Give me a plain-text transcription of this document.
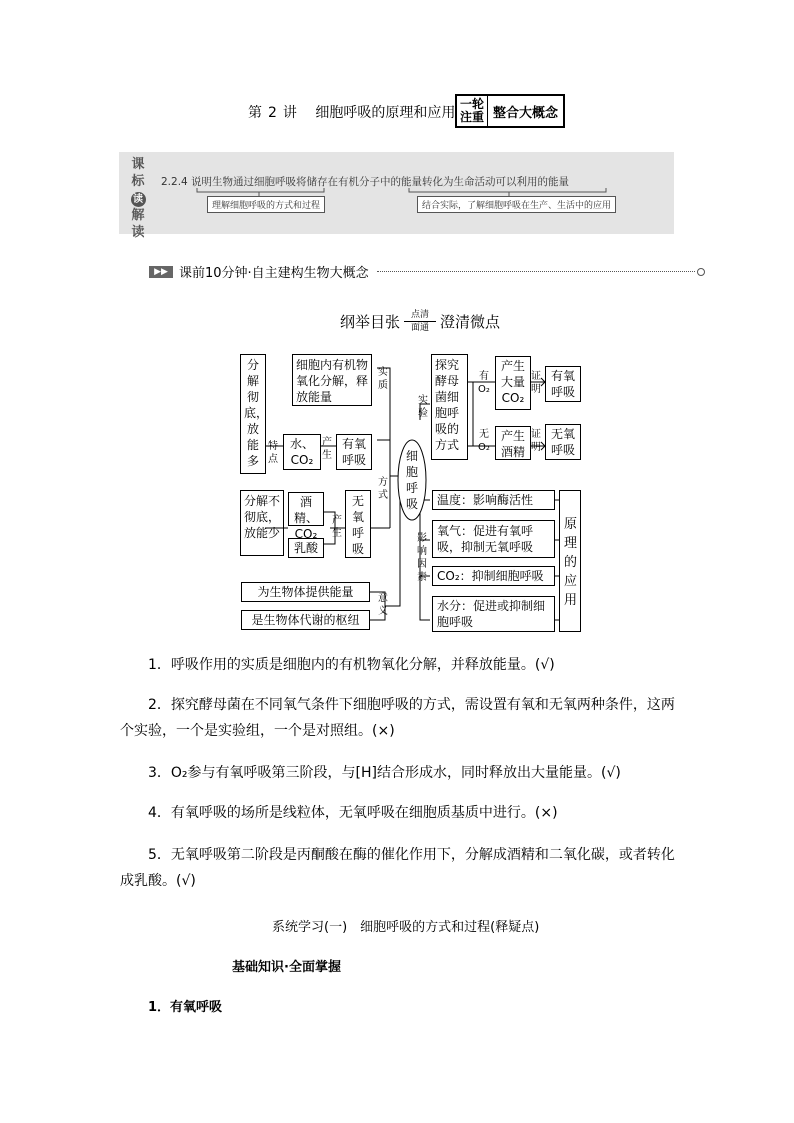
第 2 讲 细胞呼吸的原理和应用
一轮
注重 整合大概念
课
标
读
解
读
2.2.4 说明生物通过细胞呼吸将储存在有机分子中的能量转化为生命活动可以利用的能量
理解细胞呼吸的方式和过程	结合实际，了解细胞呼吸在生产、生活中的应用
▶▶ 课前10分钟·自主建构生物大概念
纲举目张 点清
面通 澄清微点
分解彻底，放能多
特点
水、CO₂
产生
有氧呼吸
细胞内有机物氧化分解，释放能量
实质
方式
分解不彻底，放能少
酒精、CO₂
乳酸
产生
无氧呼吸
意义
为生物体提供能量
是生物体代谢的枢纽
细胞呼吸
实验
探究酵母菌细胞呼吸的方式
有O₂
产生大量CO₂
证明
有氧呼吸
无O₂
产生酒精
证明
无氧呼吸
影响因素
温度：影响酶活性
氧气：促进有氧呼吸，抑制无氧呼吸
CO₂：抑制细胞呼吸
水分：促进或抑制细胞呼吸
原理的应用
1．呼吸作用的实质是细胞内的有机物氧化分解，并释放能量。(√)
2．探究酵母菌在不同氧气条件下细胞呼吸的方式，需设置有氧和无氧两种条件，这两个实验，一个是实验组，一个是对照组。(×)
3．O₂参与有氧呼吸第三阶段，与[H]结合形成水，同时释放出大量能量。(√)
4．有氧呼吸的场所是线粒体，无氧呼吸在细胞质基质中进行。(×)
5．无氧呼吸第二阶段是丙酮酸在酶的催化作用下，分解成酒精和二氧化碳，或者转化成乳酸。(√)
系统学习(一)　细胞呼吸的方式和过程(释疑点)
基础知识·全面掌握
1．有氧呼吸
